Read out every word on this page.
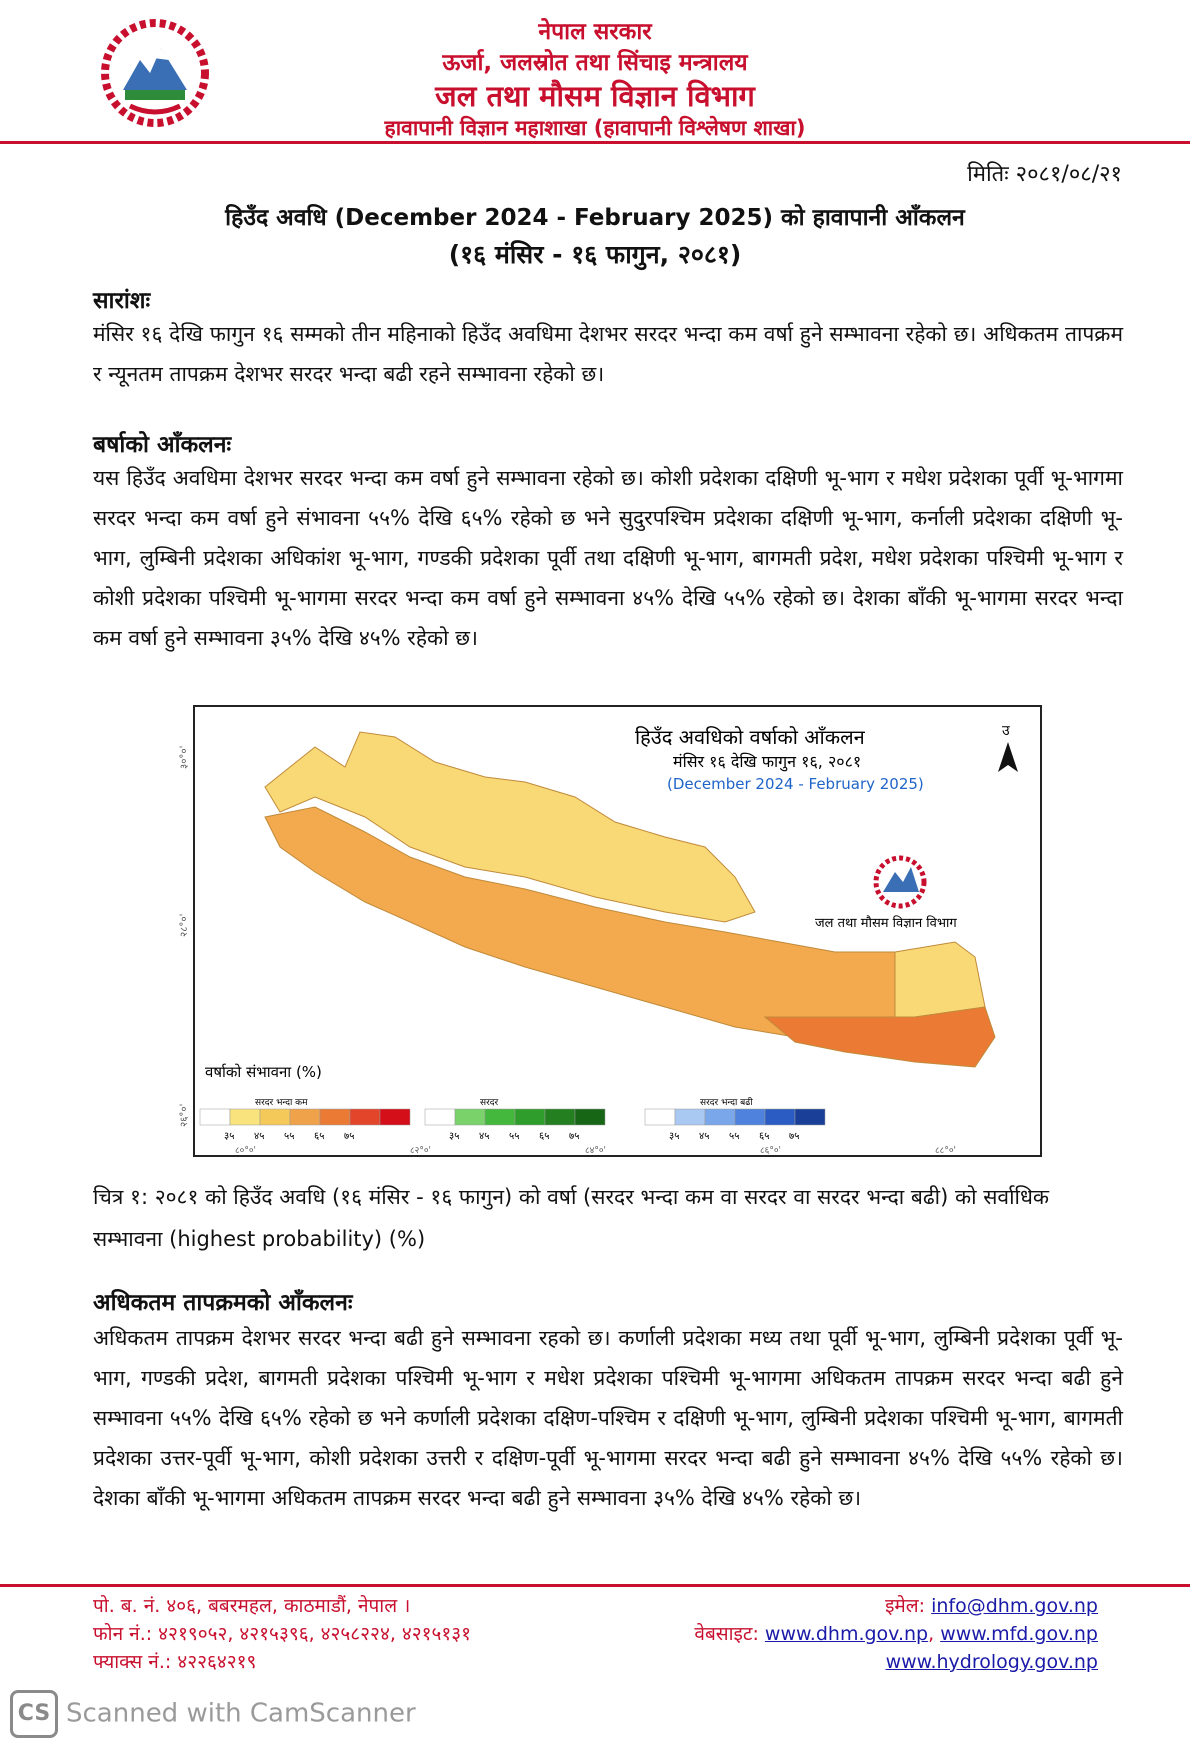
नेपाल सरकार
ऊर्जा, जलस्रोत तथा सिंचाइ मन्त्रालय
जल तथा मौसम विज्ञान विभाग
हावापानी विज्ञान महाशाखा (हावापानी विश्लेषण शाखा)
मितिः २०८१/०८/२१
हिउँद अवधि (December 2024 - February 2025) को हावापानी आँकलन
(१६ मंसिर - १६ फागुन, २०८१)
सारांशः
मंसिर १६ देखि फागुन १६ सम्मको तीन महिनाको हिउँद अवधिमा देशभर सरदर भन्दा कम वर्षा हुने सम्भावना रहेको छ। अधिकतम तापक्रम र न्यूनतम तापक्रम देशभर सरदर भन्दा बढी रहने सम्भावना रहेको छ।
बर्षाको आँकलनः
यस हिउँद अवधिमा देशभर सरदर भन्दा कम वर्षा हुने सम्भावना रहेको छ। कोशी प्रदेशका दक्षिणी भू-भाग र मधेश प्रदेशका पूर्वी भू-भागमा सरदर भन्दा कम वर्षा हुने संभावना ५५% देखि ६५% रहेको छ भने सुदुरपश्चिम प्रदेशका दक्षिणी भू-भाग, कर्नाली प्रदेशका दक्षिणी भू-भाग, लुम्बिनी प्रदेशका अधिकांश भू-भाग, गण्डकी प्रदेशका पूर्वी तथा दक्षिणी भू-भाग, बागमती प्रदेश, मधेश प्रदेशका पश्चिमी भू-भाग र कोशी प्रदेशका पश्चिमी भू-भागमा सरदर भन्दा कम वर्षा हुने सम्भावना ४५% देखि ५५% रहेको छ। देशका बाँकी भू-भागमा सरदर भन्दा कम वर्षा हुने सम्भावना ३५% देखि ४५% रहेको छ।
३०°०'
२८°०'
२६°०'
हिउँद अवधिको वर्षाको आँकलन
मंसिर १६ देखि फागुन १६, २०८१
(December 2024 - February 2025)
उ
जल तथा मौसम विज्ञान विभाग
वर्षाको संभावना (%)
सरदर भन्दा कम
३५ ४५ ५५ ६५ ७५
सरदर
३५ ४५ ५५ ६५ ७५
सरदर भन्दा बढी
३५ ४५ ५५ ६५ ७५
८०°०'	८२°०'	८४°०'	८६°०'	८८°०'
चित्र १: २०८१ को हिउँद अवधि (१६ मंसिर - १६ फागुन) को वर्षा (सरदर भन्दा कम वा सरदर वा सरदर भन्दा बढी) को सर्वाधिक सम्भावना (highest probability) (%)
अधिकतम तापक्रमको आँकलनः
अधिकतम तापक्रम देशभर सरदर भन्दा बढी हुने सम्भावना रहको छ। कर्णाली प्रदेशका मध्य तथा पूर्वी भू-भाग, लुम्बिनी प्रदेशका पूर्वी भू-भाग, गण्डकी प्रदेश, बागमती प्रदेशका पश्चिमी भू-भाग र मधेश प्रदेशका पश्चिमी भू-भागमा अधिकतम तापक्रम सरदर भन्दा बढी हुने सम्भावना ५५% देखि ६५% रहेको छ भने कर्णाली प्रदेशका दक्षिण-पश्चिम र दक्षिणी भू-भाग, लुम्बिनी प्रदेशका पश्चिमी भू-भाग, बागमती प्रदेशका उत्तर-पूर्वी भू-भाग, कोशी प्रदेशका उत्तरी र दक्षिण-पूर्वी भू-भागमा सरदर भन्दा बढी हुने सम्भावना ४५% देखि ५५% रहेको छ। देशका बाँकी भू-भागमा अधिकतम तापक्रम सरदर भन्दा बढी हुने सम्भावना ३५% देखि ४५% रहेको छ।
पो. ब. नं. ४०६, बबरमहल, काठमाडौं, नेपाल ।
फोन नं.: ४२१९०५२, ४२१५३९६, ४२५८२२४, ४२१५१३१
फ्याक्स नं.: ४२२६४२१९
इमेल: info@dhm.gov.np
वेबसाइट: www.dhm.gov.np, www.mfd.gov.np
www.hydrology.gov.np
CS Scanned with CamScanner
